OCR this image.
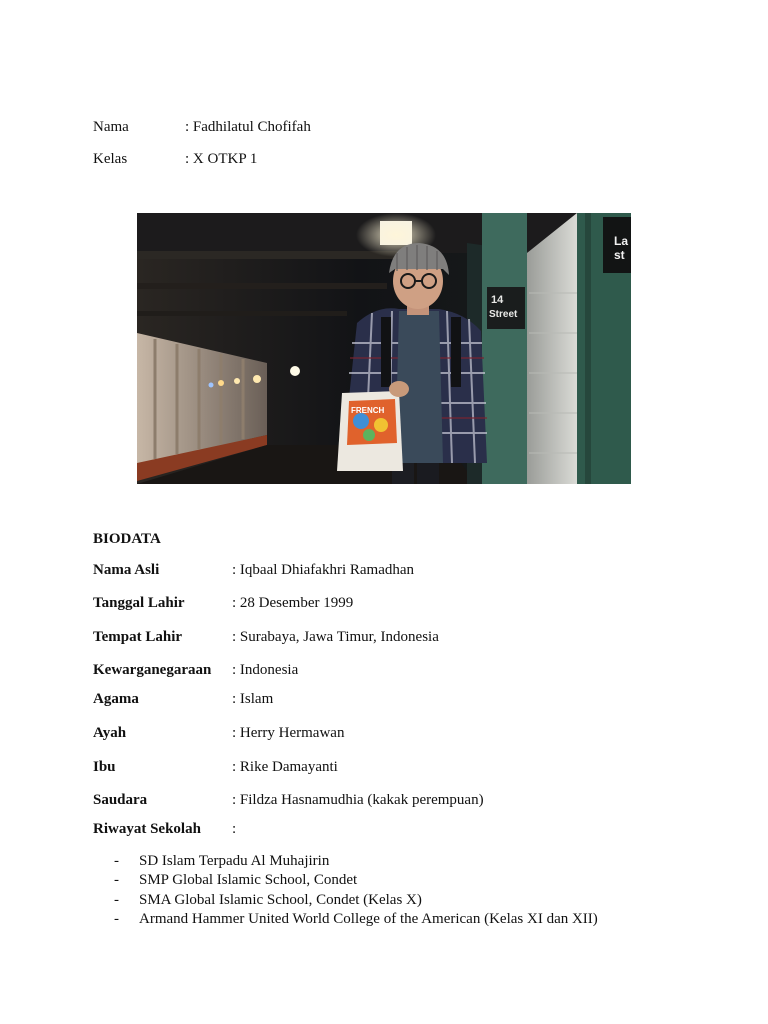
Nama	: Fadhilatul Chofifah
Kelas	: X OTKP 1
14
Street
La
st
FRENCH
BIODATA
Nama Asli	: Iqbaal Dhiafakhri Ramadhan
Tanggal Lahir	: 28 Desember 1999
Tempat Lahir	: Surabaya, Jawa Timur, Indonesia
Kewarganegaraan : Indonesia
Agama	: Islam
Ayah	: Herry Hermawan
Ibu	: Rike Damayanti
Saudara	: Fildza Hasnamudhia (kakak perempuan)
Riwayat Sekolah :
- SD Islam Terpadu Al Muhajirin
- SMP Global Islamic School, Condet
- SMA Global Islamic School, Condet (Kelas X)
- Armand Hammer United World College of the American (Kelas XI dan XII)
